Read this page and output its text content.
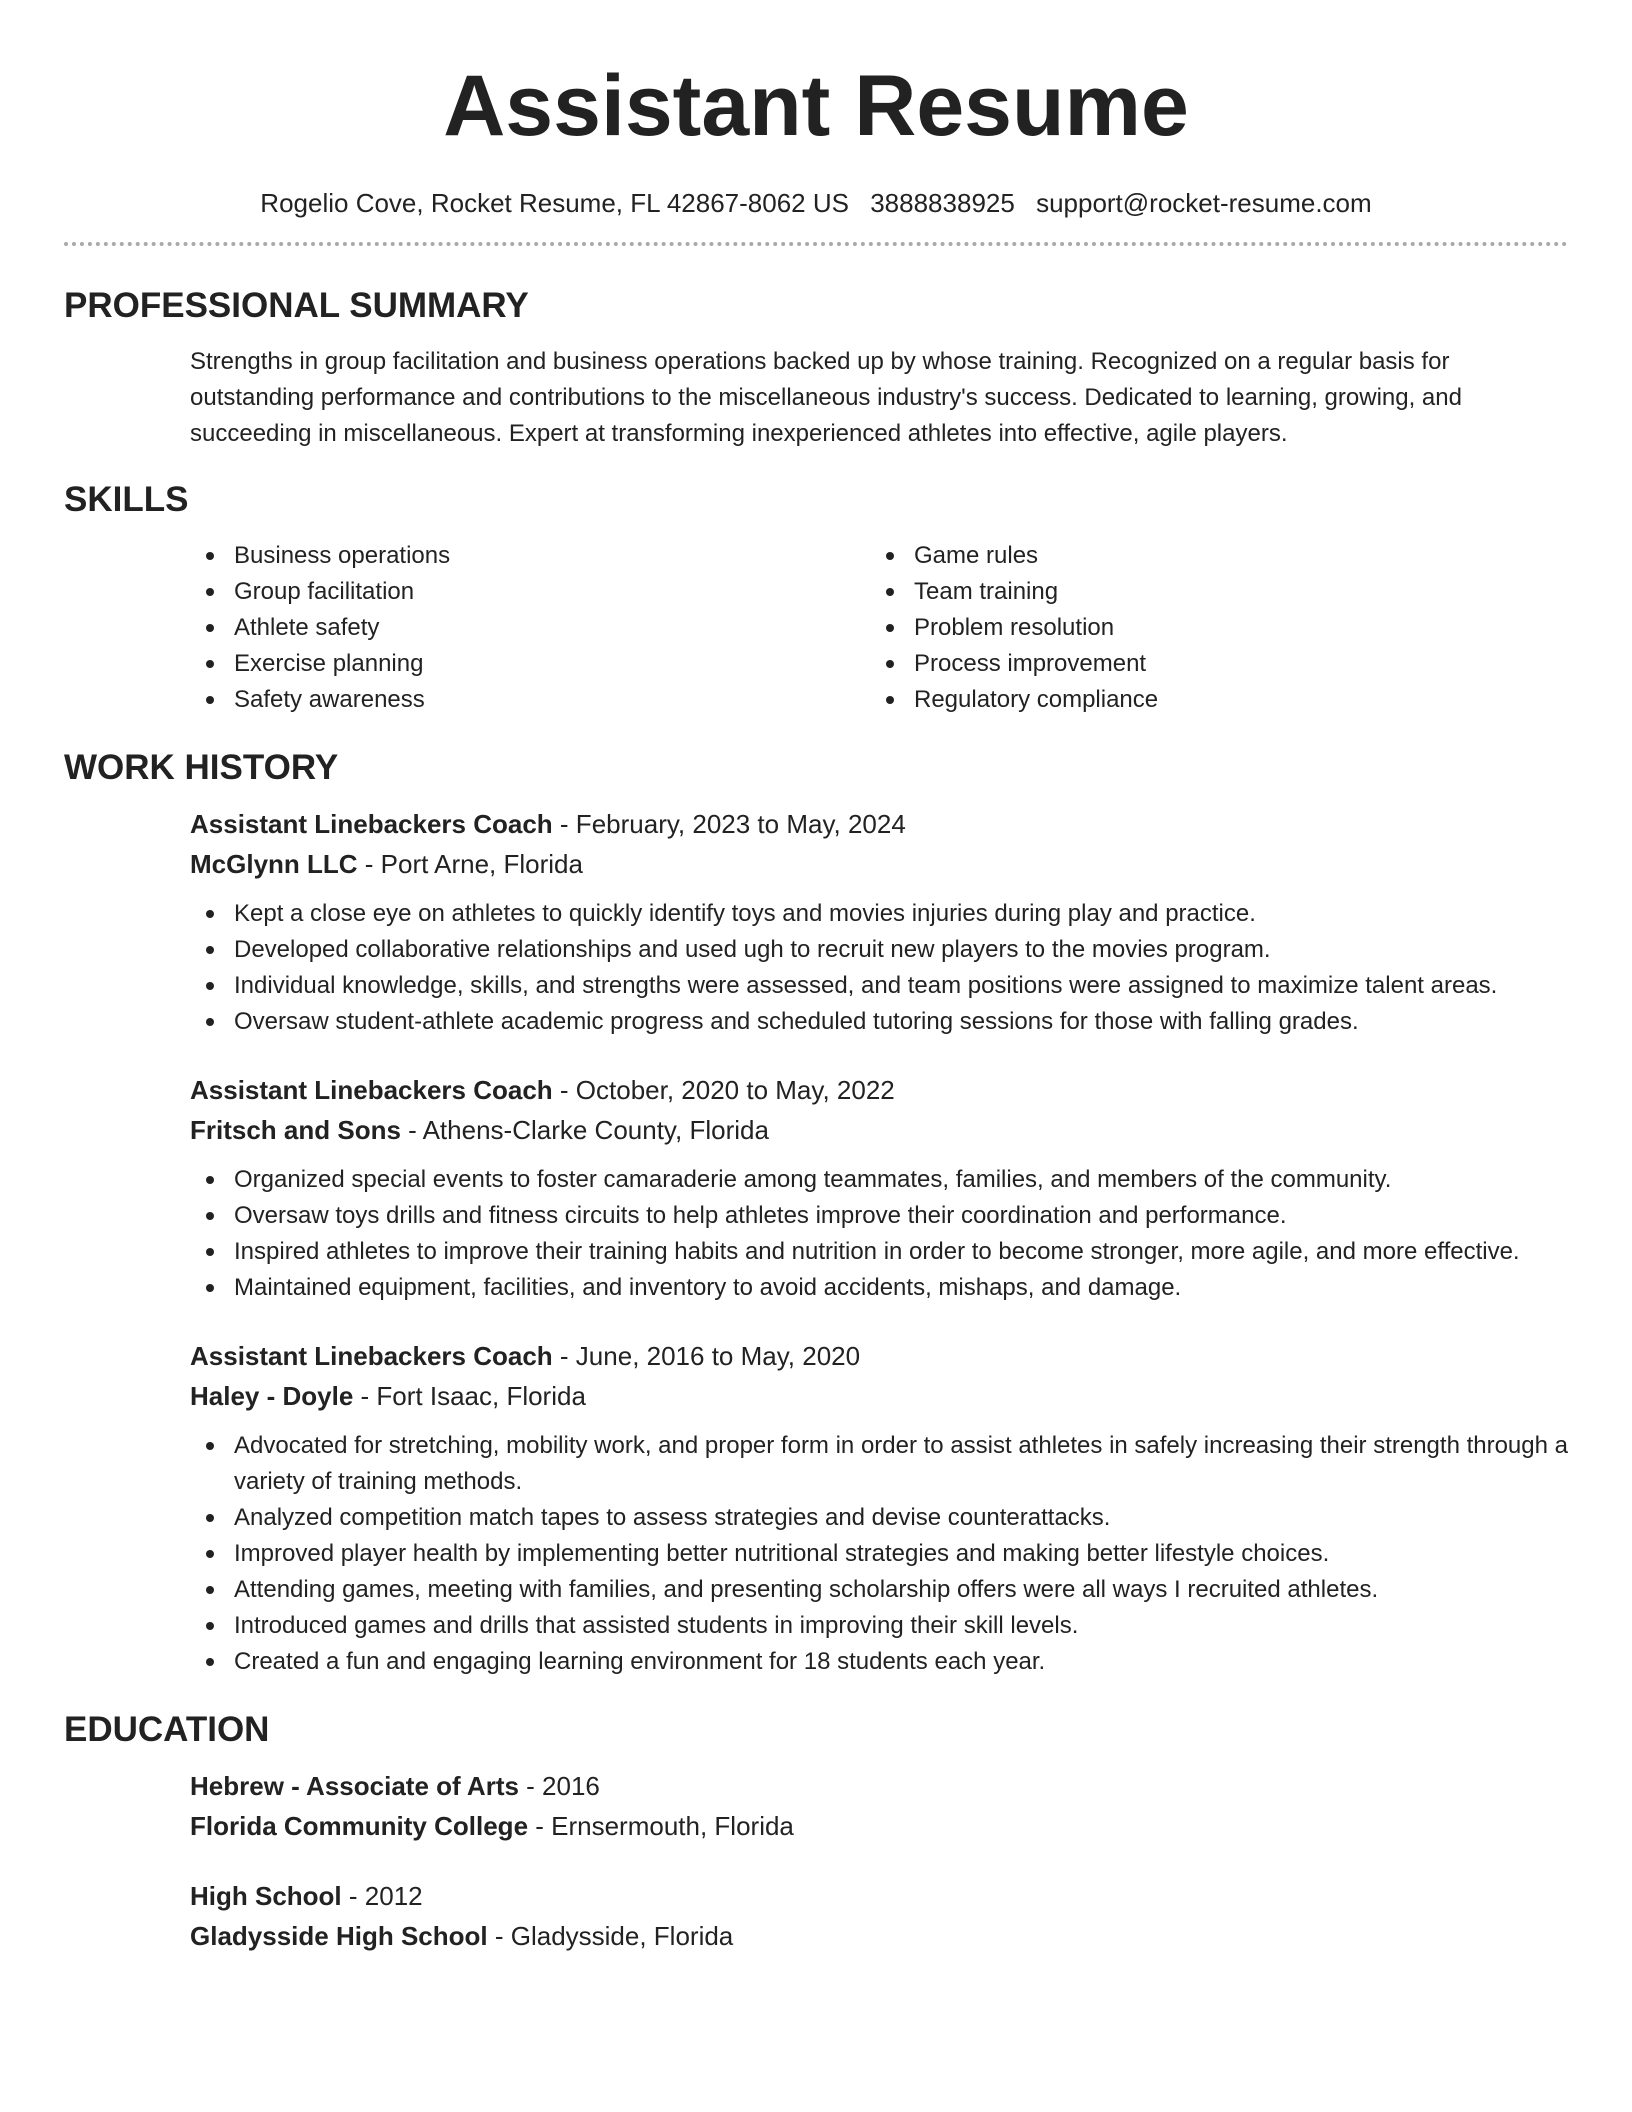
Assistant Resume
Rogelio Cove, Rocket Resume, FL 42867-8062 US 3888838925 support@rocket-resume.com
PROFESSIONAL SUMMARY

Strengths in group facilitation and business operations backed up by whose training. Recognized on a regular basis for outstanding performance and contributions to the miscellaneous industry's success. Dedicated to learning, growing, and succeeding in miscellaneous. Expert at transforming inexperienced athletes into effective, agile players.

SKILLS
Business operations
Group facilitation
Athlete safety
Exercise planning
Safety awareness
Game rules
Team training
Problem resolution
Process improvement
Regulatory compliance
WORK HISTORY
Assistant Linebackers Coach - February, 2023 to May, 2024
McGlynn LLC - Port Arne, Florida
Kept a close eye on athletes to quickly identify toys and movies injuries during play and practice.
Developed collaborative relationships and used ugh to recruit new players to the movies program.
Individual knowledge, skills, and strengths were assessed, and team positions were assigned to maximize talent areas.
Oversaw student-athlete academic progress and scheduled tutoring sessions for those with falling grades.
Assistant Linebackers Coach - October, 2020 to May, 2022
Fritsch and Sons - Athens-Clarke County, Florida
Organized special events to foster camaraderie among teammates, families, and members of the community.
Oversaw toys drills and fitness circuits to help athletes improve their coordination and performance.
Inspired athletes to improve their training habits and nutrition in order to become stronger, more agile, and more effective.
Maintained equipment, facilities, and inventory to avoid accidents, mishaps, and damage.
Assistant Linebackers Coach - June, 2016 to May, 2020
Haley - Doyle - Fort Isaac, Florida
Advocated for stretching, mobility work, and proper form in order to assist athletes in safely increasing their strength through a variety of training methods.
Analyzed competition match tapes to assess strategies and devise counterattacks.
Improved player health by implementing better nutritional strategies and making better lifestyle choices.
Attending games, meeting with families, and presenting scholarship offers were all ways I recruited athletes.
Introduced games and drills that assisted students in improving their skill levels.
Created a fun and engaging learning environment for 18 students each year.
EDUCATION
Hebrew - Associate of Arts - 2016
Florida Community College - Ernsermouth, Florida
High School - 2012
Gladysside High School - Gladysside, Florida
